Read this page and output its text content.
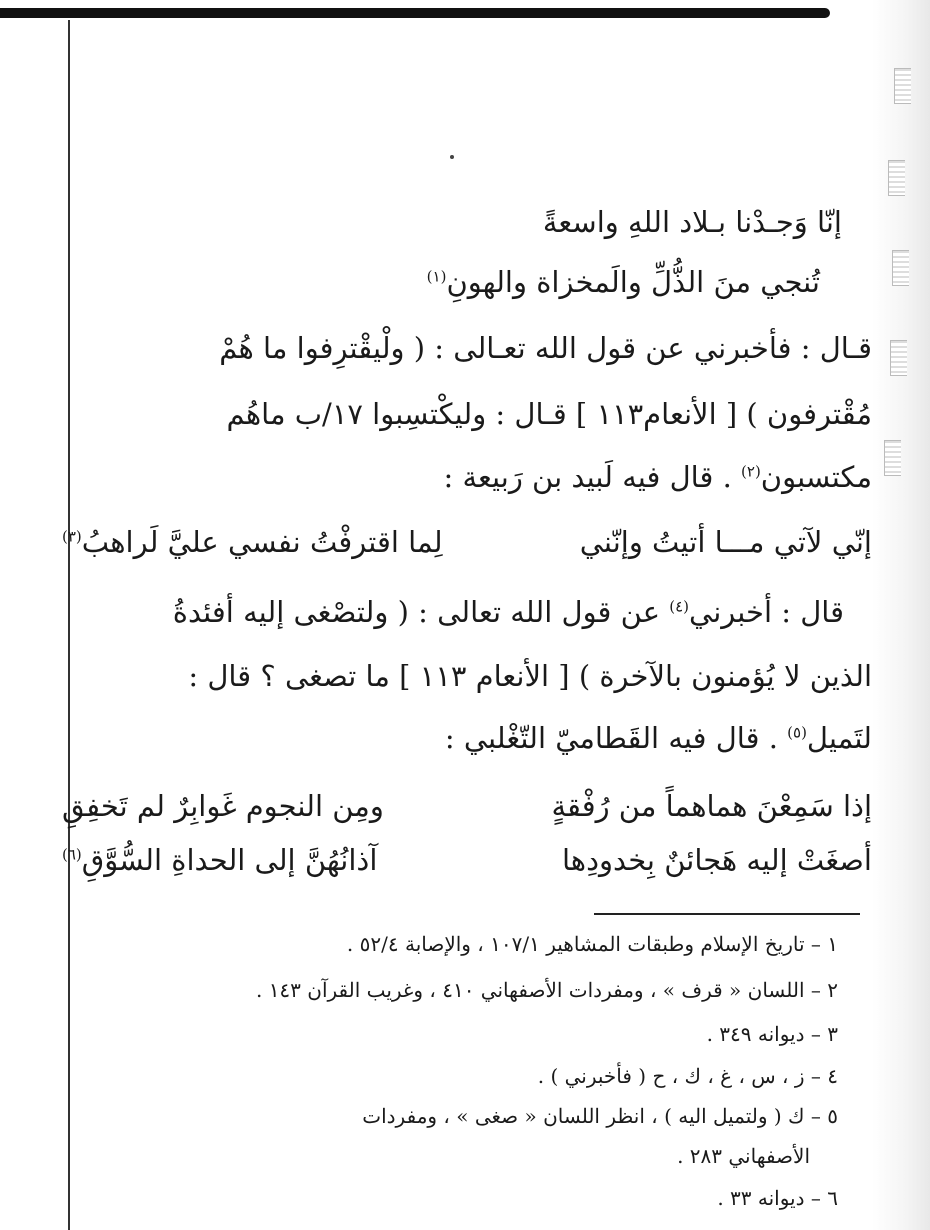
إنّا وَجـدْنا بـلاد اللهِ واسعةً
تُنجي منَ الذُّلِّ والَمخزاة والهونِ$^{(١)}$
قـال : فأخبرني عن قول الله تعـالى : ( ولْيقْترِفوا ما هُمْ
مُقْترفون ) [ الأنعام١١٣ ] قـال : وليكْتسِبوا ١٧/ب ماهُم
مكتسبون$^{(٢)}$ . قال فيه لَبيد بن رَبيعة :
إنّي لآتي مـــا أتيتُ وإنّني
لِما اقترفْتُ نفسي عليَّ لَراهبُ$^{(٣)}$
قال : أخبرني$^{(٤)}$ عن قول الله تعالى : ( ولتصْغى إليه أفئدةُ
الذين لا يُؤمنون بالآخرة ) [ الأنعام ١١٣ ] ما تصغى ؟ قال :
لتَميل$^{(٥)}$ . قال فيه القَطاميّ التّغْلبي :
إذا سَمِعْنَ هماهماً من رُفْقةٍ
ومِن النجوم غَوابِرٌ لم تَخفِقِ
أصغَتْ إليه هَجائنٌ بِخدودِها
آذانُهُنَّ إلى الحداةِ السُّوَّقِ$^{(٦)}$
١ – تاريخ الإسلام وطبقات المشاهير ١٠٧/١ ، والإصابة ٥٢/٤ .
٢ – اللسان « قرف » ، ومفردات الأصفهاني ٤١٠ ، وغريب القرآن ١٤٣ .
٣ – ديوانه ٣٤٩ .
٤ – ز ، س ، غ ، ك ، ح ( فأخبرني ) .
٥ – ك ( ولتميل اليه ) ، انظر اللسان « صغى » ، ومفردات
الأصفهاني ٢٨٣ .
٦ – ديوانه ٣٣ .
